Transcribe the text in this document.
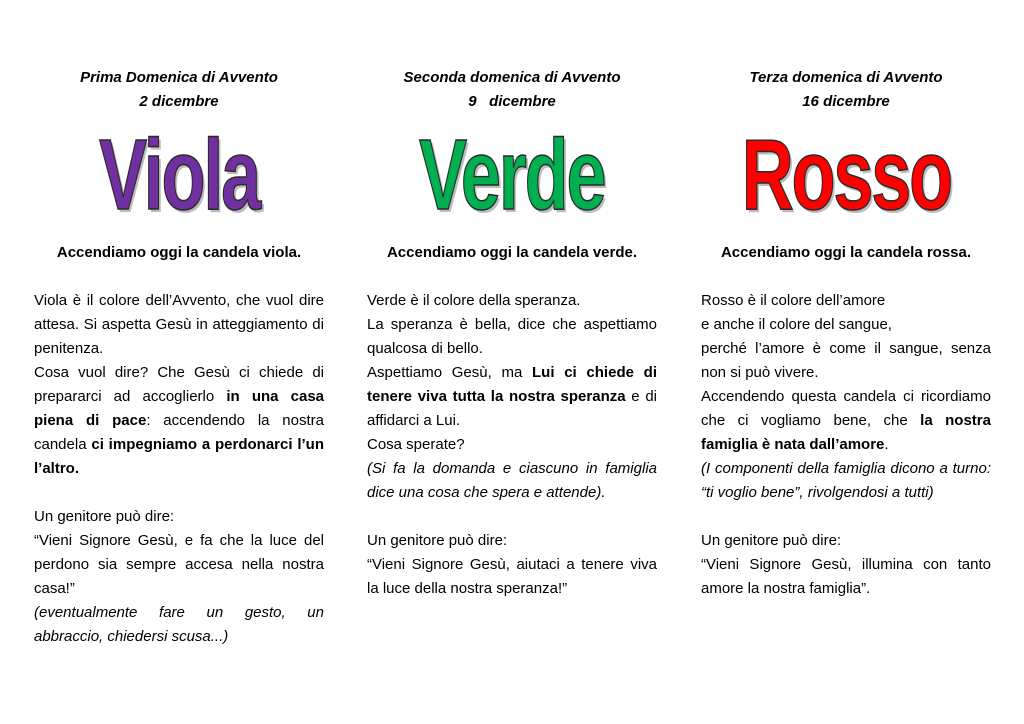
Prima Domenica di Avvento
2 dicembre
Viola
Accendiamo oggi la candela viola.

Viola è il colore dell’Avvento, che vuol dire attesa. Si aspetta Gesù in atteggiamento di penitenza.

Cosa vuol dire? Che Gesù ci chiede di prepararci ad accoglierlo in una casa piena di pace: accendendo la nostra candela ci impegniamo a perdonarci l’un l’altro.

Un genitore può dire:

“Vieni Signore Gesù, e fa che la luce del perdono sia sempre accesa nella nostra casa!”

(eventualmente fare un gesto, un abbraccio, chiedersi scusa...)

Seconda domenica di Avvento
9   dicembre
Verde
Accendiamo oggi la candela verde.

Verde è il colore della speranza.

La speranza è bella, dice che aspettiamo qualcosa di bello.

Aspettiamo Gesù, ma Lui ci chiede di tenere viva tutta la nostra speranza e di affidarci a Lui.

Cosa sperate?

(Si fa la domanda e ciascuno in famiglia dice una cosa che spera e attende).

Un genitore può dire:

“Vieni Signore Gesù, aiutaci a tenere viva la luce della nostra speranza!”

Terza domenica di Avvento
16 dicembre
Rosso
Accendiamo oggi la candela rossa.

Rosso è il colore dell’amore

e anche il colore del sangue,

perché l’amore è come il sangue, senza non si può vivere.

Accendendo questa candela ci ricordiamo che ci vogliamo bene, che la nostra famiglia è nata dall’amore.

(I componenti della famiglia dicono a turno: “ti voglio bene”, rivolgendosi a tutti)

Un genitore può dire:

“Vieni Signore Gesù, illumina con tanto amore la nostra famiglia”.
